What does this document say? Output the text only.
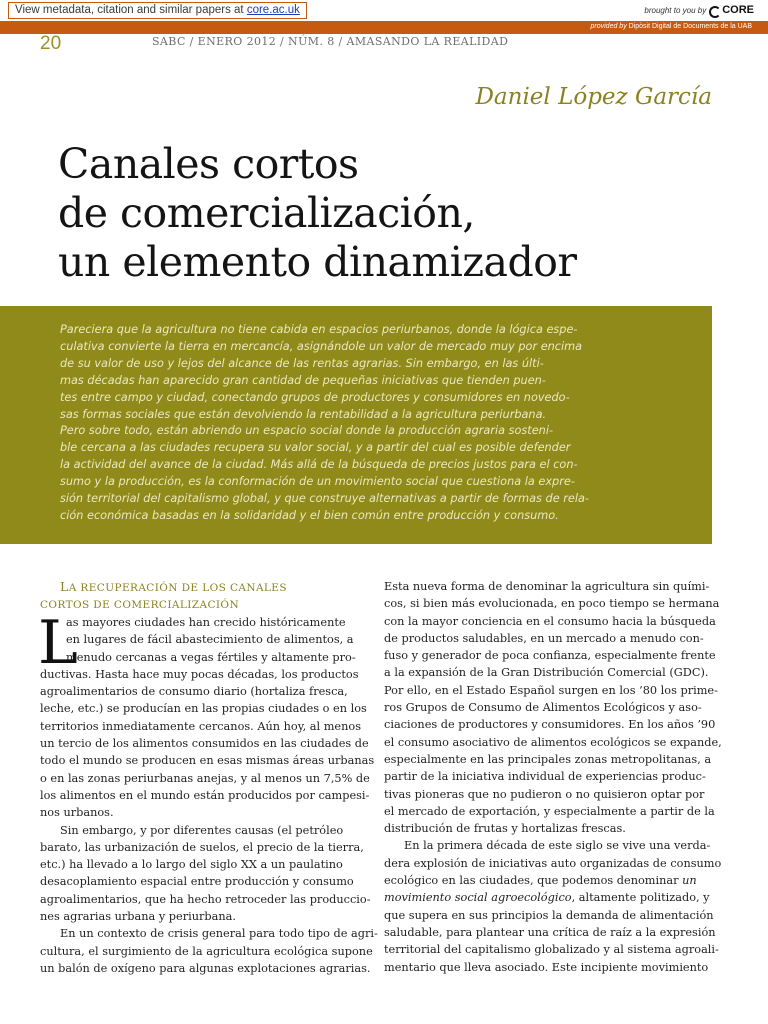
View metadata, citation and similar papers at core.ac.uk	brought to you by CORE
provided by Dipòsit Digital de Documents de la UAB
20	SABC / ENERO 2012 / NÚM. 8 / AMASANDO LA REALIDAD
Daniel López García
Canales cortos
de comercialización,
un elemento dinamizador
Pareciera que la agricultura no tiene cabida en espacios periurbanos, donde la lógica espe-
culativa convierte la tierra en mercancía, asignándole un valor de mercado muy por encima
de su valor de uso y lejos del alcance de las rentas agrarias. Sin embargo, en las últi-
mas décadas han aparecido gran cantidad de pequeñas iniciativas que tienden puen-
tes entre campo y ciudad, conectando grupos de productores y consumidores en novedo-
sas formas sociales que están devolviendo la rentabilidad a la agricultura periurbana.
Pero sobre todo, están abriendo un espacio social donde la producción agraria sosteni-
ble cercana a las ciudades recupera su valor social, y a partir del cual es posible defender
la actividad del avance de la ciudad. Más allá de la búsqueda de precios justos para el con-
sumo y la producción, es la conformación de un movimiento social que cuestiona la expre-
sión territorial del capitalismo global, y que construye alternativas a partir de formas de rela-
ción económica basadas en la solidaridad y el bien común entre producción y consumo.
LA RECUPERACIÓN DE LOS CANALES
CORTOS DE COMERCIALIZACIÓN
L
as mayores ciudades han crecido históricamente
en lugares de fácil abastecimiento de alimentos, a
menudo cercanas a vegas fértiles y altamente pro-
ductivas. Hasta hace muy pocas décadas, los productos
agroalimentarios de consumo diario (hortaliza fresca,
leche, etc.) se producían en las propias ciudades o en los
territorios inmediatamente cercanos. Aún hoy, al menos
un tercio de los alimentos consumidos en las ciudades de
todo el mundo se producen en esas mismas áreas urbanas
o en las zonas periurbanas anejas, y al menos un 7,5% de
los alimentos en el mundo están producidos por campesi-
nos urbanos.
Sin embargo, y por diferentes causas (el petróleo
barato, las urbanización de suelos, el precio de la tierra,
etc.) ha llevado a lo largo del siglo XX a un paulatino
desacoplamiento espacial entre producción y consumo
agroalimentarios, que ha hecho retroceder las produccio-
nes agrarias urbana y periurbana.
En un contexto de crisis general para todo tipo de agri-
cultura, el surgimiento de la agricultura ecológica supone
un balón de oxígeno para algunas explotaciones agrarias.
Esta nueva forma de denominar la agricultura sin quími-
cos, si bien más evolucionada, en poco tiempo se hermana
con la mayor conciencia en el consumo hacia la búsqueda
de productos saludables, en un mercado a menudo con-
fuso y generador de poca confianza, especialmente frente
a la expansión de la Gran Distribución Comercial (GDC).
Por ello, en el Estado Español surgen en los ’80 los prime-
ros Grupos de Consumo de Alimentos Ecológicos y aso-
ciaciones de productores y consumidores. En los años ’90
el consumo asociativo de alimentos ecológicos se expande,
especialmente en las principales zonas metropolitanas, a
partir de la iniciativa individual de experiencias produc-
tivas pioneras que no pudieron o no quisieron optar por
el mercado de exportación, y especialmente a partir de la
distribución de frutas y hortalizas frescas.
En la primera década de este siglo se vive una verda-
dera explosión de iniciativas auto organizadas de consumo
ecológico en las ciudades, que podemos denominar un
movimiento social agroecológico, altamente politizado, y
que supera en sus principios la demanda de alimentación
saludable, para plantear una crítica de raíz a la expresión
territorial del capitalismo globalizado y al sistema agroali-
mentario que lleva asociado. Este incipiente movimiento
